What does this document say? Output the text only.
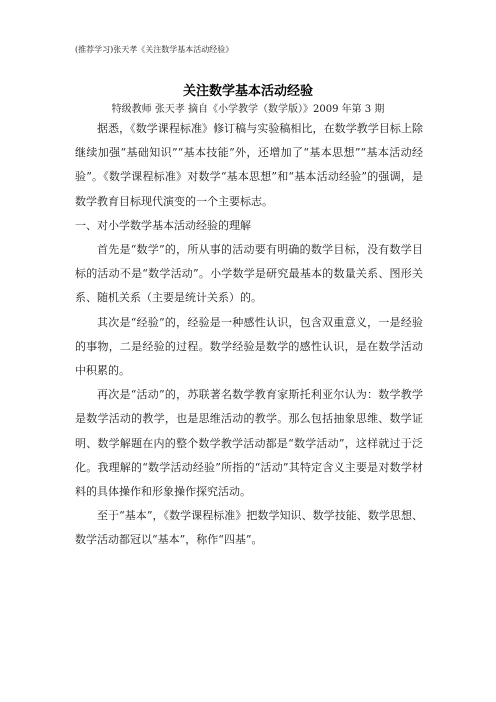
(推荐学习)张天孝《关注数学基本活动经验》
关注数学基本活动经验
特级教师 张天孝 摘自《小学教学（数学版）》2009 年第 3 期

据悉，《数学课程标准》修订稿与实验稿相比，在数学教学目标上除继续加强“基础知识”“基本技能”外，还增加了“基本思想”“基本活动经验”。《数学课程标准》对数学“基本思想”和“基本活动经验”的强调，是数学教育目标现代演变的一个主要标志。

一、对小学数学基本活动经验的理解

首先是“数学”的，所从事的活动要有明确的数学目标，没有数学目标的活动不是“数学活动”。小学数学是研究最基本的数量关系、图形关系、随机关系（主要是统计关系）的。

其次是“经验”的，经验是一种感性认识，包含双重意义，一是经验的事物，二是经验的过程。数学经验是数学的感性认识，是在数学活动中积累的。

再次是“活动”的，苏联著名数学教育家斯托利亚尔认为：数学教学是数学活动的教学，也是思维活动的教学。那么包括抽象思维、数学证明、数学解题在内的整个数学教学活动都是“数学活动”，这样就过于泛化。我理解的“数学活动经验”所指的“活动”其特定含义主要是对数学材料的具体操作和形象操作探究活动。

至于“基本”，《数学课程标准》把数学知识、数学技能、数学思想、数学活动都冠以“基本”，称作“四基”。
